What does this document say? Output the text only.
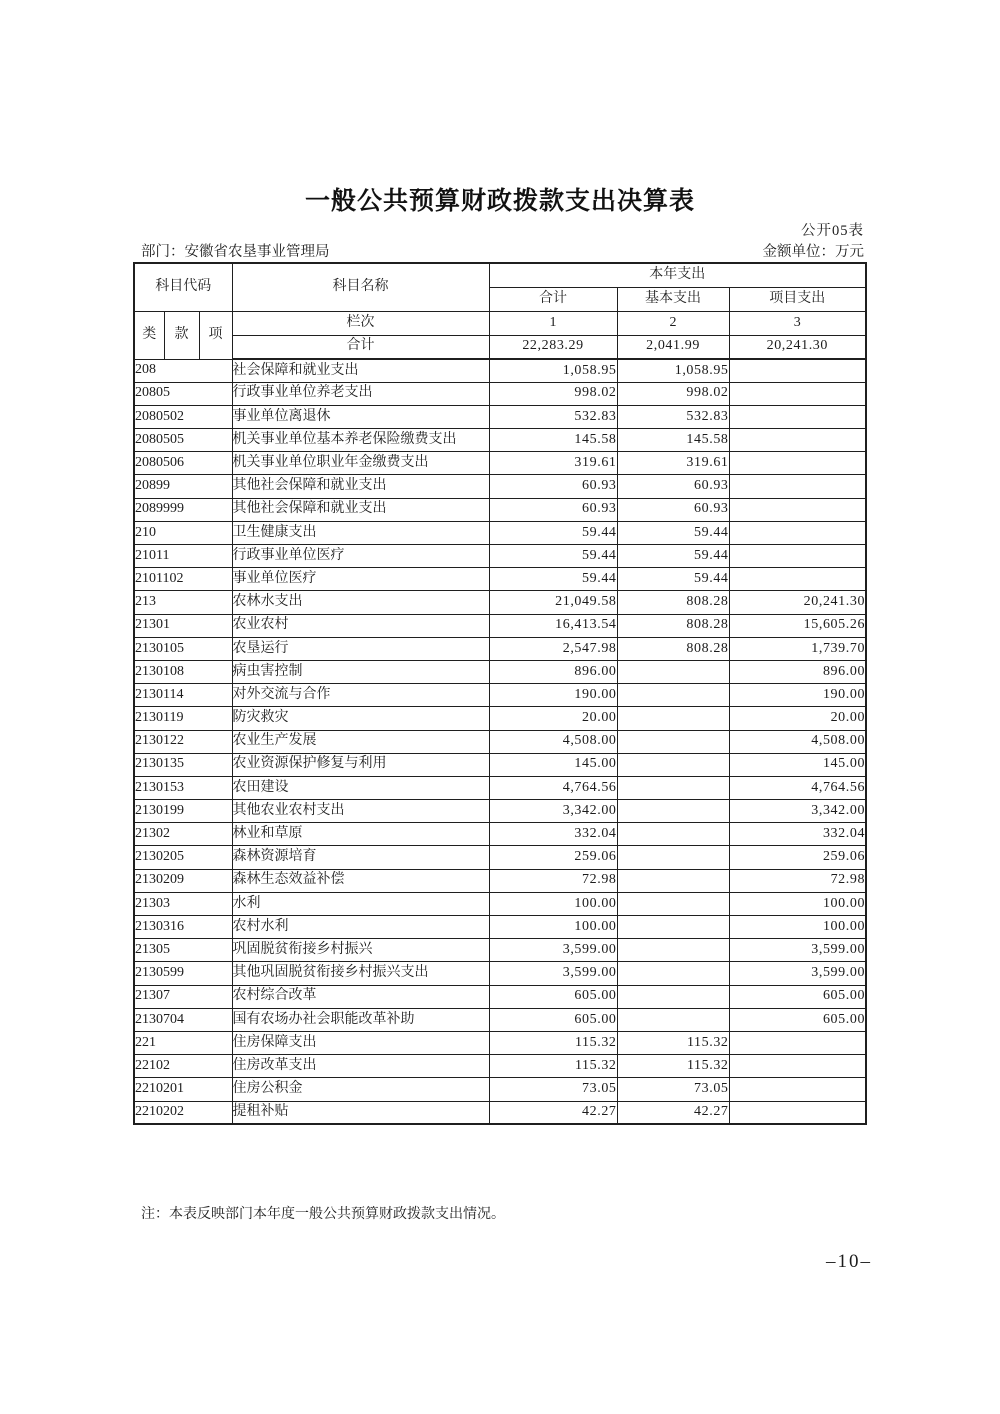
一般公共预算财政拨款支出决算表
公开05表
部门：安徽省农垦事业管理局	金额单位：万元
科目代码			科目名称	本年支出		
				合计	基本支出	项目支出
类	款	项	栏次	1	2	3
			合计	22,283.29	2,041.99	20,241.30
208			社会保障和就业支出	1,058.95	1,058.95	
20805			行政事业单位养老支出	998.02	998.02	
2080502			事业单位离退休	532.83	532.83	
2080505			机关事业单位基本养老保险缴费支出	145.58	145.58	
2080506			机关事业单位职业年金缴费支出	319.61	319.61	
20899			其他社会保障和就业支出	60.93	60.93	
2089999			其他社会保障和就业支出	60.93	60.93	
210			卫生健康支出	59.44	59.44	
21011			行政事业单位医疗	59.44	59.44	
2101102			事业单位医疗	59.44	59.44	
213			农林水支出	21,049.58	808.28	20,241.30
21301			农业农村	16,413.54	808.28	15,605.26
2130105			农垦运行	2,547.98	808.28	1,739.70
2130108			病虫害控制	896.00		896.00
2130114			对外交流与合作	190.00		190.00
2130119			防灾救灾	20.00		20.00
2130122			农业生产发展	4,508.00		4,508.00
2130135			农业资源保护修复与利用	145.00		145.00
2130153			农田建设	4,764.56		4,764.56
2130199			其他农业农村支出	3,342.00		3,342.00
21302			林业和草原	332.04		332.04
2130205			森林资源培育	259.06		259.06
2130209			森林生态效益补偿	72.98		72.98
21303			水利	100.00		100.00
2130316			农村水利	100.00		100.00
21305			巩固脱贫衔接乡村振兴	3,599.00		3,599.00
2130599			其他巩固脱贫衔接乡村振兴支出	3,599.00		3,599.00
21307			农村综合改革	605.00		605.00
2130704			国有农场办社会职能改革补助	605.00		605.00
221			住房保障支出	115.32	115.32	
22102			住房改革支出	115.32	115.32	
2210201			住房公积金	73.05	73.05	
2210202			提租补贴	42.27	42.27	
注：本表反映部门本年度一般公共预算财政拨款支出情况。
–10–
